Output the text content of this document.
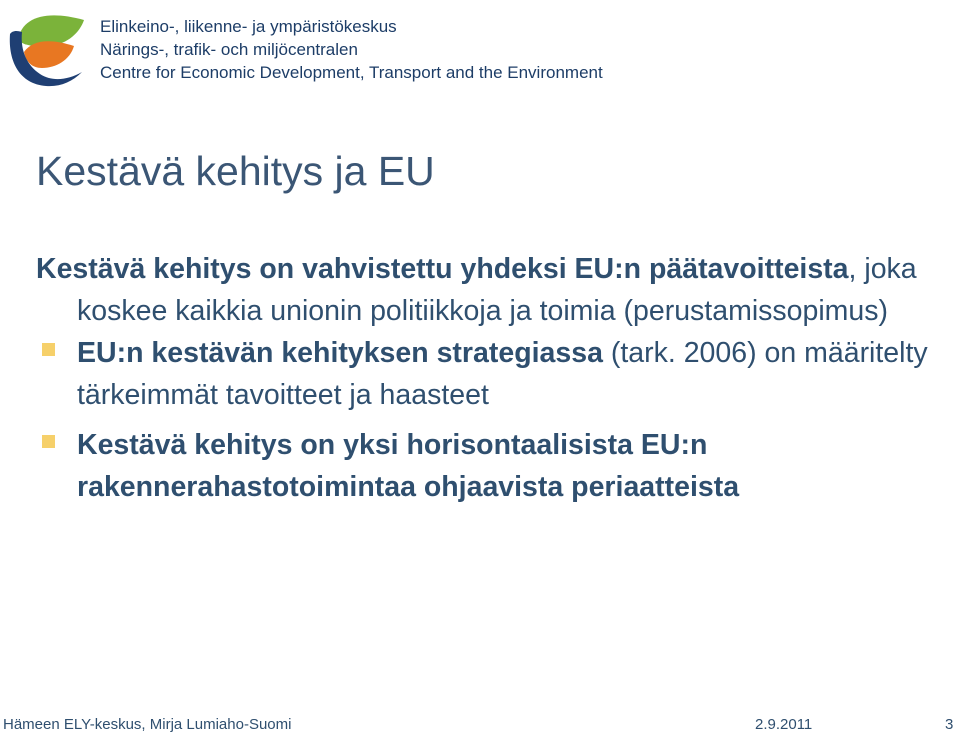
Elinkeino-, liikenne- ja ympäristökeskus
Närings-, trafik- och miljöcentralen
Centre for Economic Development, Transport and the Environment
Kestävä kehitys ja EU
Kestävä kehitys on vahvistettu yhdeksi EU:n päätavoitteista, joka koskee kaikkia unionin politiikkoja ja toimia (perustamissopimus)
EU:n kestävän kehityksen strategiassa (tark. 2006) on määritelty tärkeimmät tavoitteet ja haasteet
Kestävä kehitys on yksi horisontaalisista EU:n rakennerahastotoimintaa ohjaavista periaatteista
Hämeen ELY-keskus, Mirja Lumiaho-Suomi	2.9.2011	3
